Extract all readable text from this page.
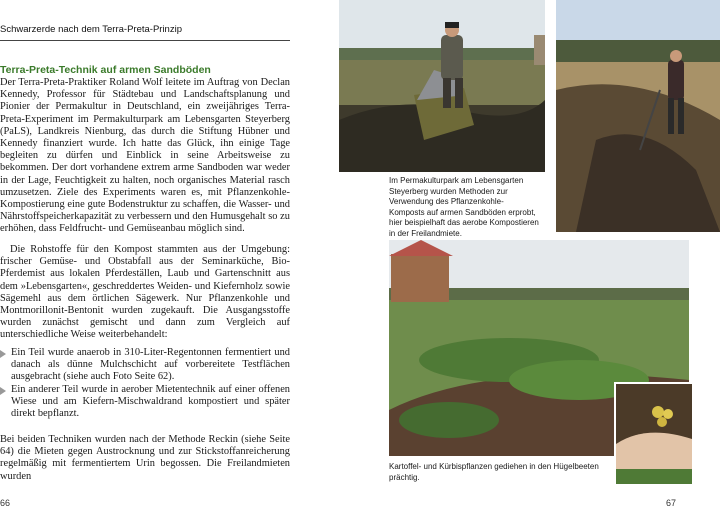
Schwarzerde nach dem Terra-Preta-Prinzip
Terra-Preta-Technik auf armen Sandböden
Der Terra-Preta-Praktiker Roland Wolf leitete im Auftrag von Declan Kennedy, Professor für Städtebau und Landschaftsplanung und Pionier der Permakultur in Deutschland, ein zweijähriges Terra-Preta-Experiment im Permakulturpark am Lebensgarten Steyerberg (PaLS), Landkreis Nienburg, das durch die Stiftung Hübner und Kennedy finanziert wurde. Ich hatte das Glück, ihn einige Tage begleiten zu dürfen und Einblick in seine Arbeitsweise zu bekommen. Der dort vorhandene extrem arme Sandboden war weder in der Lage, Feuchtigkeit zu halten, noch organisches Material rasch umzusetzen. Ziele des Experiments waren es, mit Pflanzenkohle-Kompostierung eine gute Bodenstruktur zu schaffen, die Wasser- und Nährstoffspeicherkapazität zu verbessern und den Humusgehalt so zu erhöhen, dass Feldfrucht- und Gemüseanbau möglich sind.
Die Rohstoffe für den Kompost stammten aus der Umgebung: frischer Gemüse- und Obstabfall aus der Seminarküche, Bio-Pferdemist aus lokalen Pferdeställen, Laub und Gartenschnitt aus dem »Lebensgarten«, geschreddertes Weiden- und Kiefernholz sowie Sägemehl aus dem örtlichen Sägewerk. Nur Pflanzenkohle und Montmorillonit-Bentonit wurden zugekauft. Die Ausgangsstoffe wurden zunächst gemischt und dann zum Vergleich auf unterschiedliche Weise weiterbehandelt:
Ein Teil wurde anaerob in 310-Liter-Regentonnen fermentiert und danach als dünne Mulchschicht auf vorbereitete Testflächen ausgebracht (siehe auch Foto Seite 62).
Ein anderer Teil wurde in aerober Mietentechnik auf einer offenen Wiese und am Kiefern-Mischwaldrand kompostiert und später direkt bepflanzt.
Bei beiden Techniken wurden nach der Methode Reckin (siehe Seite 64) die Mieten gegen Austrocknung und zur Stickstoffanreicherung regelmäßig mit fermentiertem Urin begossen. Die Freilandmieten wurden
66
Im Permakulturpark am Lebensgarten Steyerberg wurden Methoden zur Verwendung des Pflanzenkohle-Komposts auf armen Sandböden erprobt, hier beispielhaft das aerobe Kompostieren in der Freilandmiete.
Kartoffel- und Kürbispflanzen gediehen in den Hügelbeeten prächtig.
67
